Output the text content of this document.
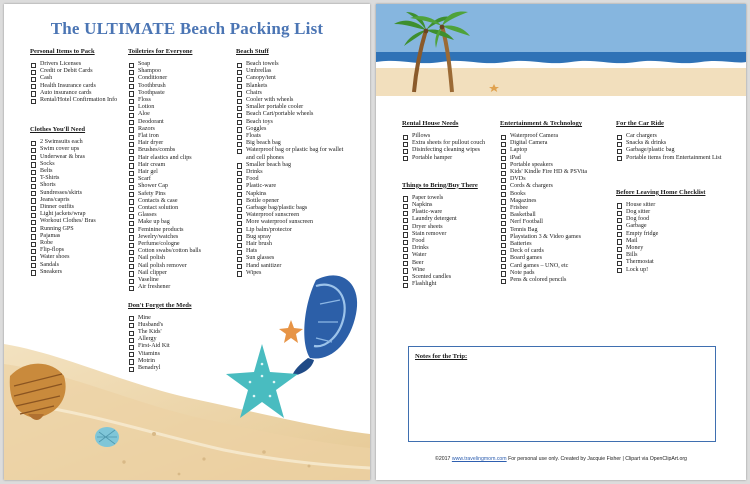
The ULTIMATE Beach Packing List
Personal Items to Pack
Drivers Licenses
Credit or Debit Cards
Cash
Health Insurance cards
Auto insurance cards
Rental/Hotel Confirmation Info
Clothes You'll Need
2 Swimsuits each
Swim cover ups
Underwear & bras
Socks
Belts
T-Shirts
Shorts
Sundresses/skirts
Jeans/capris
Dinner outfits
Light jackets/wrap
Workout Clothes/ Bras
Running GPS
Pajamas
Robe
Flip-flops
Water shoes
Sandals
Sneakers
Toiletries for Everyone
Soap
Shampoo
Conditioner
Toothbrush
Toothpaste
Floss
Lotion
Aloe
Deodorant
Razors
Flat iron
Hair dryer
Brushes/combs
Hair elastics and clips
Hair cream
Hair gel
Scarf
Shower Cap
Safety Pins
Contacts & case
Contact solution
Glasses
Make up bag
Feminine products
Jewelry/watches
Perfume/cologne
Cotton swabs/cotton balls
Nail polish
Nail polish remover
Nail clipper
Vaseline
Air freshener
Don't Forget the Meds
Mine
Husband's
The Kids'
Allergy
First-Aid Kit
Vitamins
Motrin
Benadryl
Beach Stuff
Beach towels
Umbrellas
Canopy/tent
Blankets
Chairs
Cooler with wheels
Smaller portable cooler
Beach Cart/portable wheels
Beach toys
Goggles
Floats
Big beach bag
Waterproof bag or plastic bag for wallet and cell phones
Smaller beach bag
Drinks
Food
Plastic-ware
Napkins
Bottle opener
Garbage bag/plastic bags
Waterproof sunscreen
More waterproof sunscreen
Lip balm/protector
Bug spray
Hair brush
Hats
Sun glasses
Hand sanitizer
Wipes
Rental House Needs
Pillows
Extra sheets for pullout couch
Disinfecting cleaning wipes
Portable hamper
Things to Bring/Buy There
Paper towels
Napkins
Plastic-ware
Laundry detergent
Dryer sheets
Stain remover
Food
Drinks
Water
Beer
Wine
Scented candles
Flashlight
Entertainment & Technology
Waterproof Camera
Digital Camera
Laptop
iPad
Portable speakers
Kids' Kindle Fire HD & PSVita
DVDs
Cords & chargers
Books
Magazines
Frisbee
Basketball
Nerf Football
Tennis Bag
Playstation 3 & Video games
Batteries
Deck of cards
Board games
Card games – UNO, etc
Note pads
Pens & colored pencils
For the Car Ride
Car chargers
Snacks & drinks
Garbage/plastic bag
Portable items from Entertainment List
Before Leaving Home Checklist
House sitter
Dog sitter
Dog food
Garbage
Empty fridge
Mail
Money
Bills
Thermostat
Lock up!
Notes for the Trip:
©2017 www.travelingmom.com For personal use only. Created by Jacquie Fisher | Clipart via OpenClipArt.org
